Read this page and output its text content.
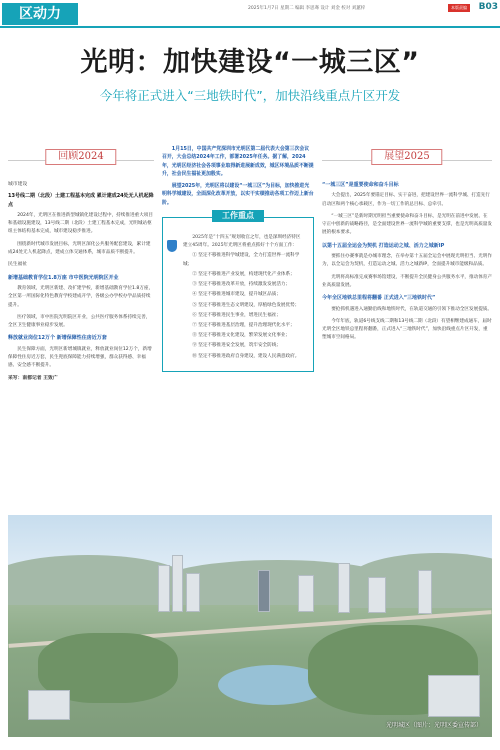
区动力	2025年1月7日 星期二 编辑 李思骞 设计 刘金 校对 刘蕙梓	本版责编	B03
光明：加快建设“一城三区”
今年将正式进入“三地铁时代”，加快沿线重点片区开发
回顾2024
城市建设
13号线二期（北段）土建工程基本完成 累计建成24处无人机起降点

2024年，光明区在推进新型城镇化建设过程中，持续推进重大项目和基础设施建设，13号线二期（北段）土建工程基本完成，光明城站枢纽主体结构基本完成，城市建设稳步推进。

围绕新时代城市发展目标，光明区深化公共服务配套建设，累计建成24处无人机起降点，建成立体交通体系，城市品质不断提升。

民生福祉
新增基础教育学位1.8万座 市中医院光明院区开业

教育领域，光明区新建、改扩建学校，新增基础教育学位1.8万座，全区第一所国际化特色教育学校建成开学，各级公办学校办学品质持续提升。

医疗领域，市中医院光明院区开业，公共医疗服务体系持续完善，全区卫生健康事业稳步发展。

释放就业岗位12万个 新增保障性住房近万套

民生保障方面，光明区新增城镇就业，释放就业岗位12万个，新增保障性住房近万套，民生兜底保障能力持续增强，群众获得感、幸福感、安全感不断提升。

采写：南都记者 王致广

1月15日，中国共产党深圳市光明区第二届代表大会第三次会议召开，大会总结2024年工作，部署2025年任务。据了解，2024年，光明区经济社会各项事业取得新进展新成效，城区环境品质不断提升，社会民生福祉更加殷实。

展望2025年，光明区将以建设“一城三区”为目标，加快推进光明科学城建设，全面深化改革开放，以实干实绩推动各项工作迈上新台阶。

工作重点

2025年是“十四五”规划收官之年，也是深圳经济特区建立45周年。2025年光明区将重点抓好十个方面工作：

① 坚定不移推进科学城建设，全力打造世界一流科学城；

② 坚定不移推进产业发展，构建现代化产业体系；

③ 坚定不移推进改革开放，持续激发发展活力；

④ 坚定不移推进城市建设，提升城区品质；

⑤ 坚定不移推进生态文明建设，厚植绿色发展优势；

⑥ 坚定不移推进民生事业，增进民生福祉；

⑦ 坚定不移推进基层治理，提升治理现代化水平；

⑧ 坚定不移推进文化建设，繁荣发展文化事业；

⑨ 坚定不移推进安全发展，筑牢安全防线；

⑩ 坚定不移推进政府自身建设，建设人民满意政府。

展望2025
“一城三区”是重要使命和奋斗目标

大会提出，2025年要锚定目标、实干奋进，把建设世界一流科学城、打造先行启动区和两个核心承载区，作为一切工作的总目标、总牵引。

“一城三区”是新时期光明担当重要使命和奋斗目标，是光明在前进中发展、在守正中创新的战略路径，是全面建设世界一流科学城的重要支撑，也是光明高质量发展的根本要求。

以第十五届全运会为契机 打造运动之城、活力之城新IP

要抓住办赛事就是办城市理念，在举办第十五届全运会中展现光明担当、光明作为，以全运会为契机，打造运动之城、活力之城新IP，全面提升城市能级和品质。

光明将高标准完成赛事场馆建设，不断提升全民健身公共服务水平，推动体育产业高质量发展。

今年全区地铁总里程将翻番 正式进入“三地铁时代”

要抢抓机遇进入通勤沿线和地铁时代，在轨道交通的引领下推动全区发展提质。

今年年底，轨道6号线支线二期和13号线二期（北段）有望相继建成通车，届时光明全区地铁总里程将翻番，正式进入“三地铁时代”，加快沿线重点片区开发，重塑城市空间格局。

光明城区（图片：光明区委宣传部）
